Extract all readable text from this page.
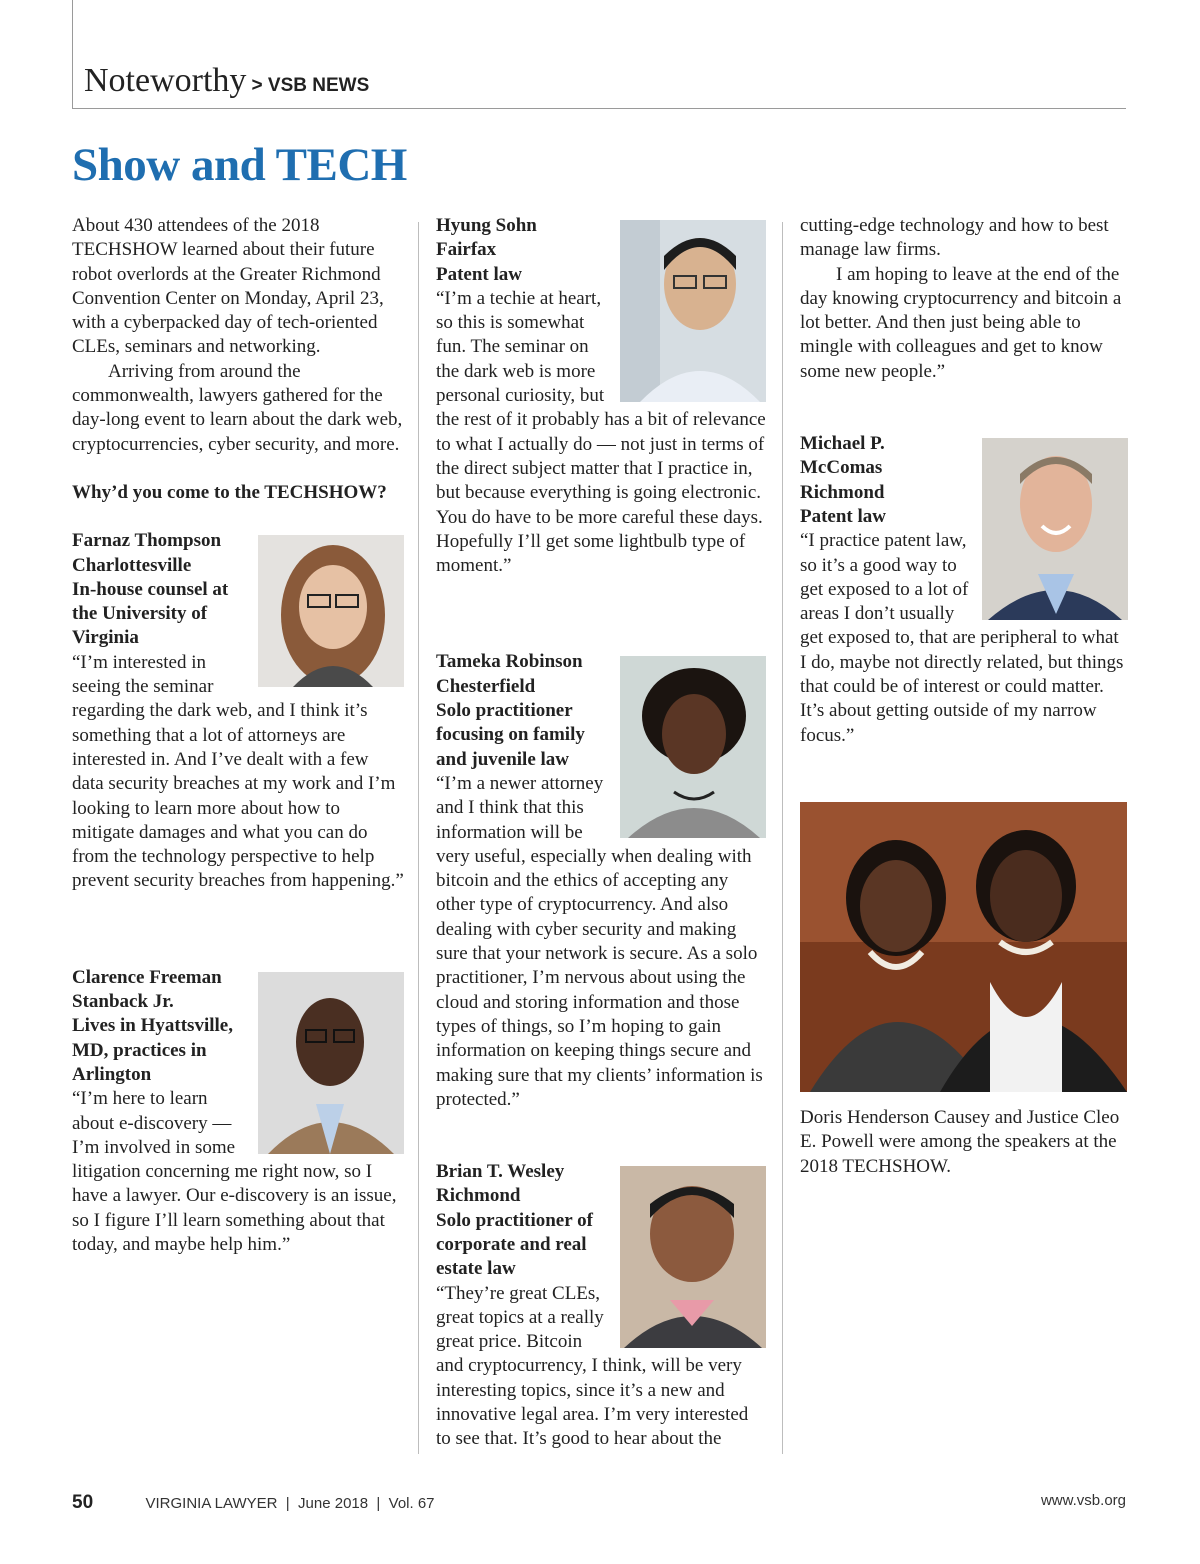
Noteworthy > VSB NEWS
Show and TECH

About 430 attendees of the 2018 TECHSHOW learned about their future robot overlords at the Greater Richmond Convention Center on Monday, April 23, with a cyberpacked day of tech-oriented CLEs, seminars and networking.

Arriving from around the commonwealth, lawyers gathered for the day-long event to learn about the dark web, cryptocurrencies, cyber security, and more.

Why’d you come to the TECHSHOW?

Farnaz Thompson
Charlottesville
In-house counsel at the University of Virginia
“I’m interested in seeing the seminar regarding the dark web, and I think it’s something that a lot of attorneys are interested in. And I’ve dealt with a few data security breaches at my work and I’m looking to learn more about how to mitigate damages and what you can do from the technology perspective to help prevent security breaches from happening.”
Clarence Freeman Stanback Jr.
Lives in Hyattsville, MD, practices in Arlington
“I’m here to learn about e-discovery — I’m involved in some litigation concerning me right now, so I have a lawyer. Our e-discovery is an issue, so I figure I’ll learn something about that today, and maybe help him.”
Hyung Sohn
Fairfax
Patent law
“I’m a techie at heart, so this is somewhat fun. The seminar on the dark web is more personal curiosity, but the rest of it probably has a bit of relevance to what I actually do — not just in terms of the direct subject matter that I practice in, but because everything is going electronic. You do have to be more careful these days. Hopefully I’ll get some lightbulb type of moment.”
Tameka Robinson
Chesterfield
Solo practitioner focusing on family and juvenile law
“I’m a newer attorney and I think that this information will be very useful, especially when dealing with bitcoin and the ethics of accepting any other type of cryptocurrency. And also dealing with cyber security and making sure that your network is secure. As a solo practitioner, I’m nervous about using the cloud and storing information and those types of things, so I’m hoping to gain information on keeping things secure and making sure that my clients’ information is protected.”
Brian T. Wesley
Richmond
Solo practitioner of corporate and real estate law
“They’re great CLEs, great topics at a really great price. Bitcoin and cryptocurrency, I think, will be very interesting topics, since it’s a new and innovative legal area. I’m very interested to see that. It’s good to hear about the

cutting-edge technology and how to best manage law firms.

I am hoping to leave at the end of the day knowing cryptocurrency and bitcoin a lot better. And then just being able to mingle with colleagues and get to know some new people.”

Michael P. McComas
Richmond
Patent law
“I practice patent law, so it’s a good way to get exposed to a lot of areas I don’t usually get exposed to, that are peripheral to what I do, maybe not directly related, but things that could be of interest or could matter. It’s about getting outside of my narrow focus.”
Doris Henderson Causey and Justice Cleo E. Powell were among the speakers at the 2018 TECHSHOW.
50	VIRGINIA LAWYER  |  June 2018  |  Vol. 67	www.vsb.org
